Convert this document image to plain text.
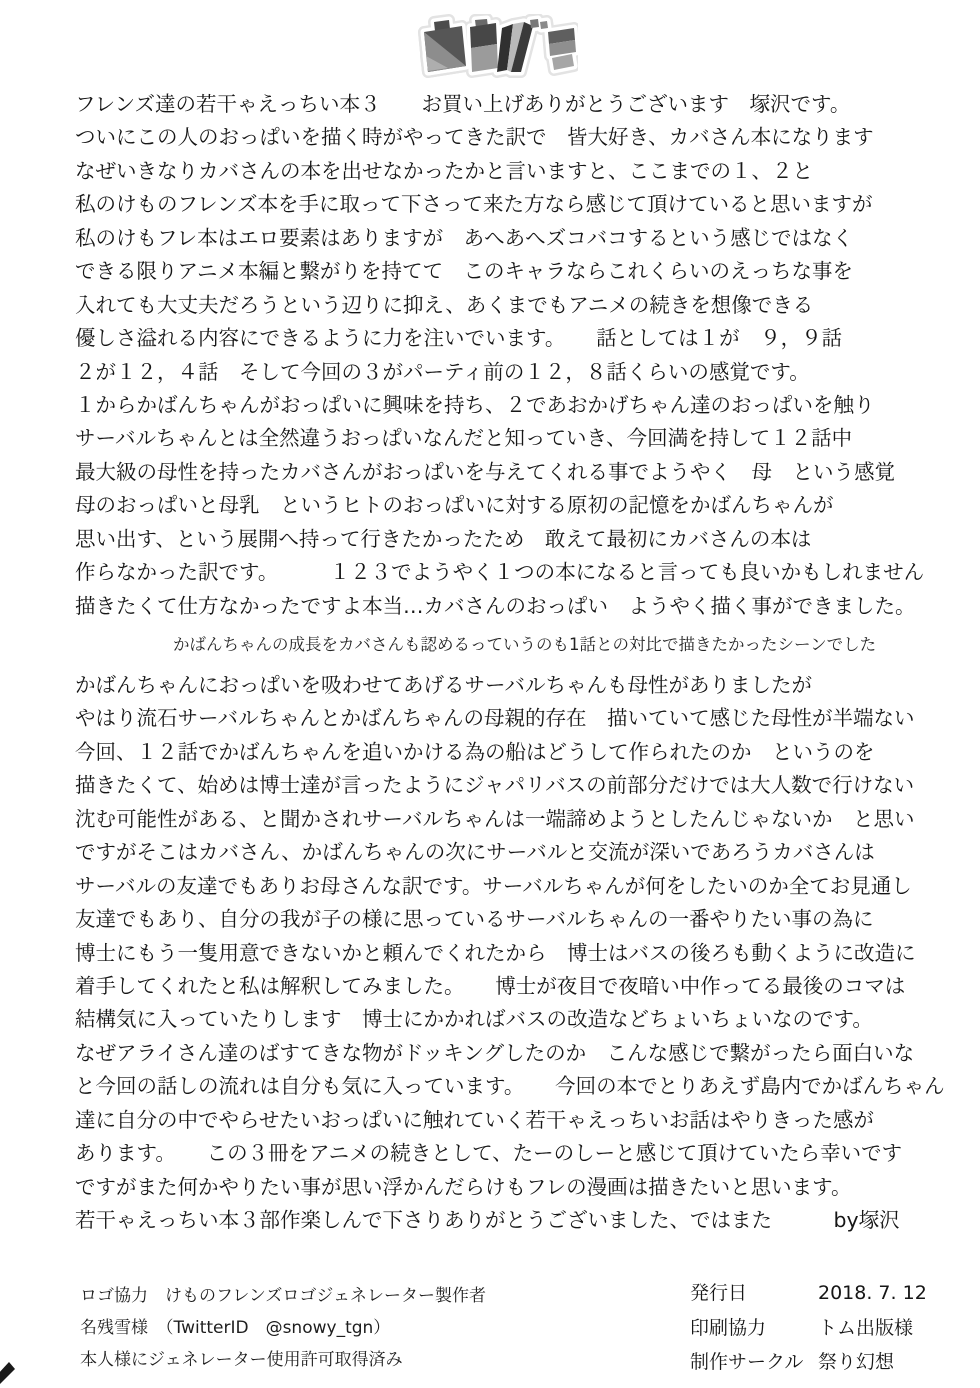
フレンズ達の若干ゃえっちい本３　　お買い上げありがとうございます　塚沢です。
ついにこの人のおっぱいを描く時がやってきた訳で　皆大好き、カバさん本になります
なぜいきなりカバさんの本を出せなかったかと言いますと、ここまでの１、２と
私のけものフレンズ本を手に取って下さって来た方なら感じて頂けていると思いますが
私のけもフレ本はエロ要素はありますが　あへあへズコバコするという感じではなく
できる限りアニメ本編と繋がりを持てて　このキャラならこれくらいのえっちな事を
入れても大丈夫だろうという辺りに抑え、あくまでもアニメの続きを想像できる
優しさ溢れる内容にできるように力を注いでいます。　　話としては１が　９，９話
２が１２，４話　そして今回の３がパーティ前の１２，８話くらいの感覚です。
１からかばんちゃんがおっぱいに興味を持ち、２であおかげちゃん達のおっぱいを触り
サーバルちゃんとは全然違うおっぱいなんだと知っていき、今回満を持して１２話中
最大級の母性を持ったカバさんがおっぱいを与えてくれる事でようやく　母　という感覚
母のおっぱいと母乳　というヒトのおっぱいに対する原初の記憶をかばんちゃんが
思い出す、という展開へ持って行きたかったため　敢えて最初にカバさんの本は
作らなかった訳です。　　　１２３でようやく１つの本になると言っても良いかもしれません
描きたくて仕方なかったですよ本当…カバさんのおっぱい　ようやく描く事ができました。
かばんちゃんの成長をカバさんも認めるっていうのも1話との対比で描きたかったシーンでした
かばんちゃんにおっぱいを吸わせてあげるサーバルちゃんも母性がありましたが
やはり流石サーバルちゃんとかばんちゃんの母親的存在　描いていて感じた母性が半端ない
今回、１２話でかばんちゃんを追いかける為の船はどうして作られたのか　というのを
描きたくて、始めは博士達が言ったようにジャパリバスの前部分だけでは大人数で行けない
沈む可能性がある、と聞かされサーバルちゃんは一端諦めようとしたんじゃないか　と思い
ですがそこはカバさん、かばんちゃんの次にサーバルと交流が深いであろうカバさんは
サーバルの友達でもありお母さんな訳です。サーバルちゃんが何をしたいのか全てお見通し
友達でもあり、自分の我が子の様に思っているサーバルちゃんの一番やりたい事の為に
博士にもう一隻用意できないかと頼んでくれたから　博士はバスの後ろも動くように改造に
着手してくれたと私は解釈してみました。　　博士が夜目で夜暗い中作ってる最後のコマは
結構気に入っていたりします　博士にかかればバスの改造などちょいちょいなのです。
なぜアライさん達のばすてきな物がドッキングしたのか　こんな感じで繋がったら面白いな
と今回の話しの流れは自分も気に入っています。　　今回の本でとりあえず島内でかばんちゃん
達に自分の中でやらせたいおっぱいに触れていく若干ゃえっちいお話はやりきった感が
あります。　　この３冊をアニメの続きとして、たーのしーと感じて頂けていたら幸いです
ですがまた何かやりたい事が思い浮かんだらけもフレの漫画は描きたいと思います。
若干ゃえっちい本３部作楽しんで下さりありがとうございました、ではまた　　　by塚沢
ロゴ協力　けものフレンズロゴジェネレーター製作者
名残雪様　（TwitterID　@snowy_tgn）
本人様にジェネレーター使用許可取得済み
発行日	2018. 7. 12
印刷協力	トム出版様
制作サークル 祭り幻想
